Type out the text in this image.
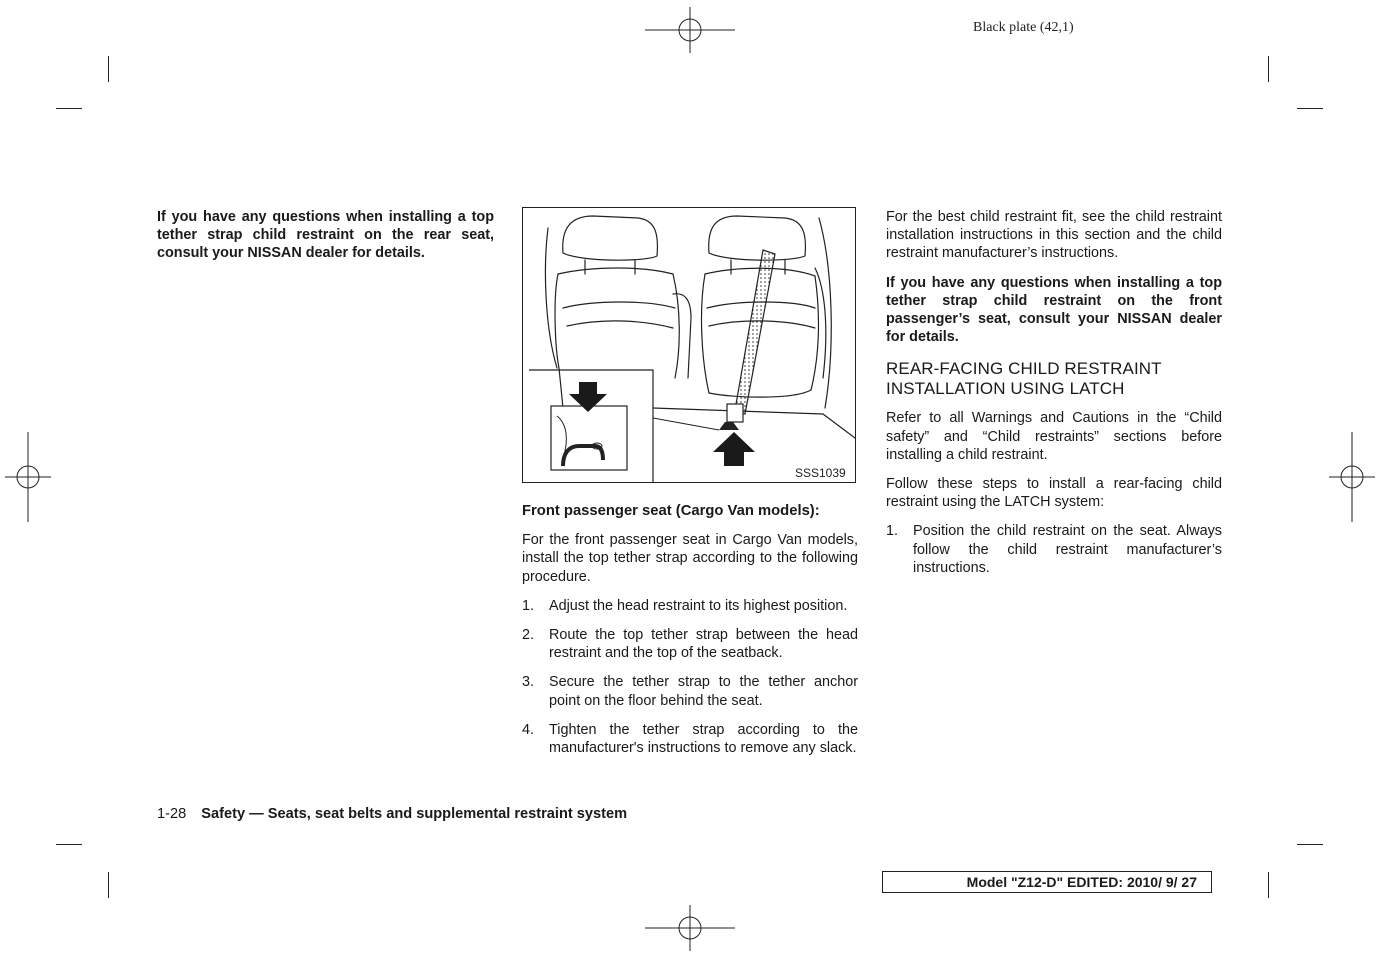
Black plate (42,1)

If you have any questions when installing a top tether strap child restraint on the rear seat, consult your NISSAN dealer for details.

SSS1039

Front passenger seat (Cargo Van models):

For the front passenger seat in Cargo Van models, install the top tether strap according to the following procedure.

1. Adjust the head restraint to its highest position.
2. Route the top tether strap between the head restraint and the top of the seatback.
3. Secure the tether strap to the tether anchor point on the floor behind the seat.
4. Tighten the tether strap according to the manufacturer's instructions to remove any slack.

For the best child restraint fit, see the child restraint installation instructions in this section and the child restraint manufacturer’s instructions.

If you have any questions when installing a top tether strap child restraint on the front passenger’s seat, consult your NISSAN dealer for details.

REAR-FACING CHILD RESTRAINT INSTALLATION USING LATCH

Refer to all Warnings and Cautions in the “Child safety” and “Child restraints” sections before installing a child restraint.

Follow these steps to install a rear-facing child restraint using the LATCH system:

1. Position the child restraint on the seat. Always follow the child restraint manufacturer’s instructions.
1-28 Safety — Seats, seat belts and supplemental restraint system
Model "Z12-D" EDITED: 2010/ 9/ 27
